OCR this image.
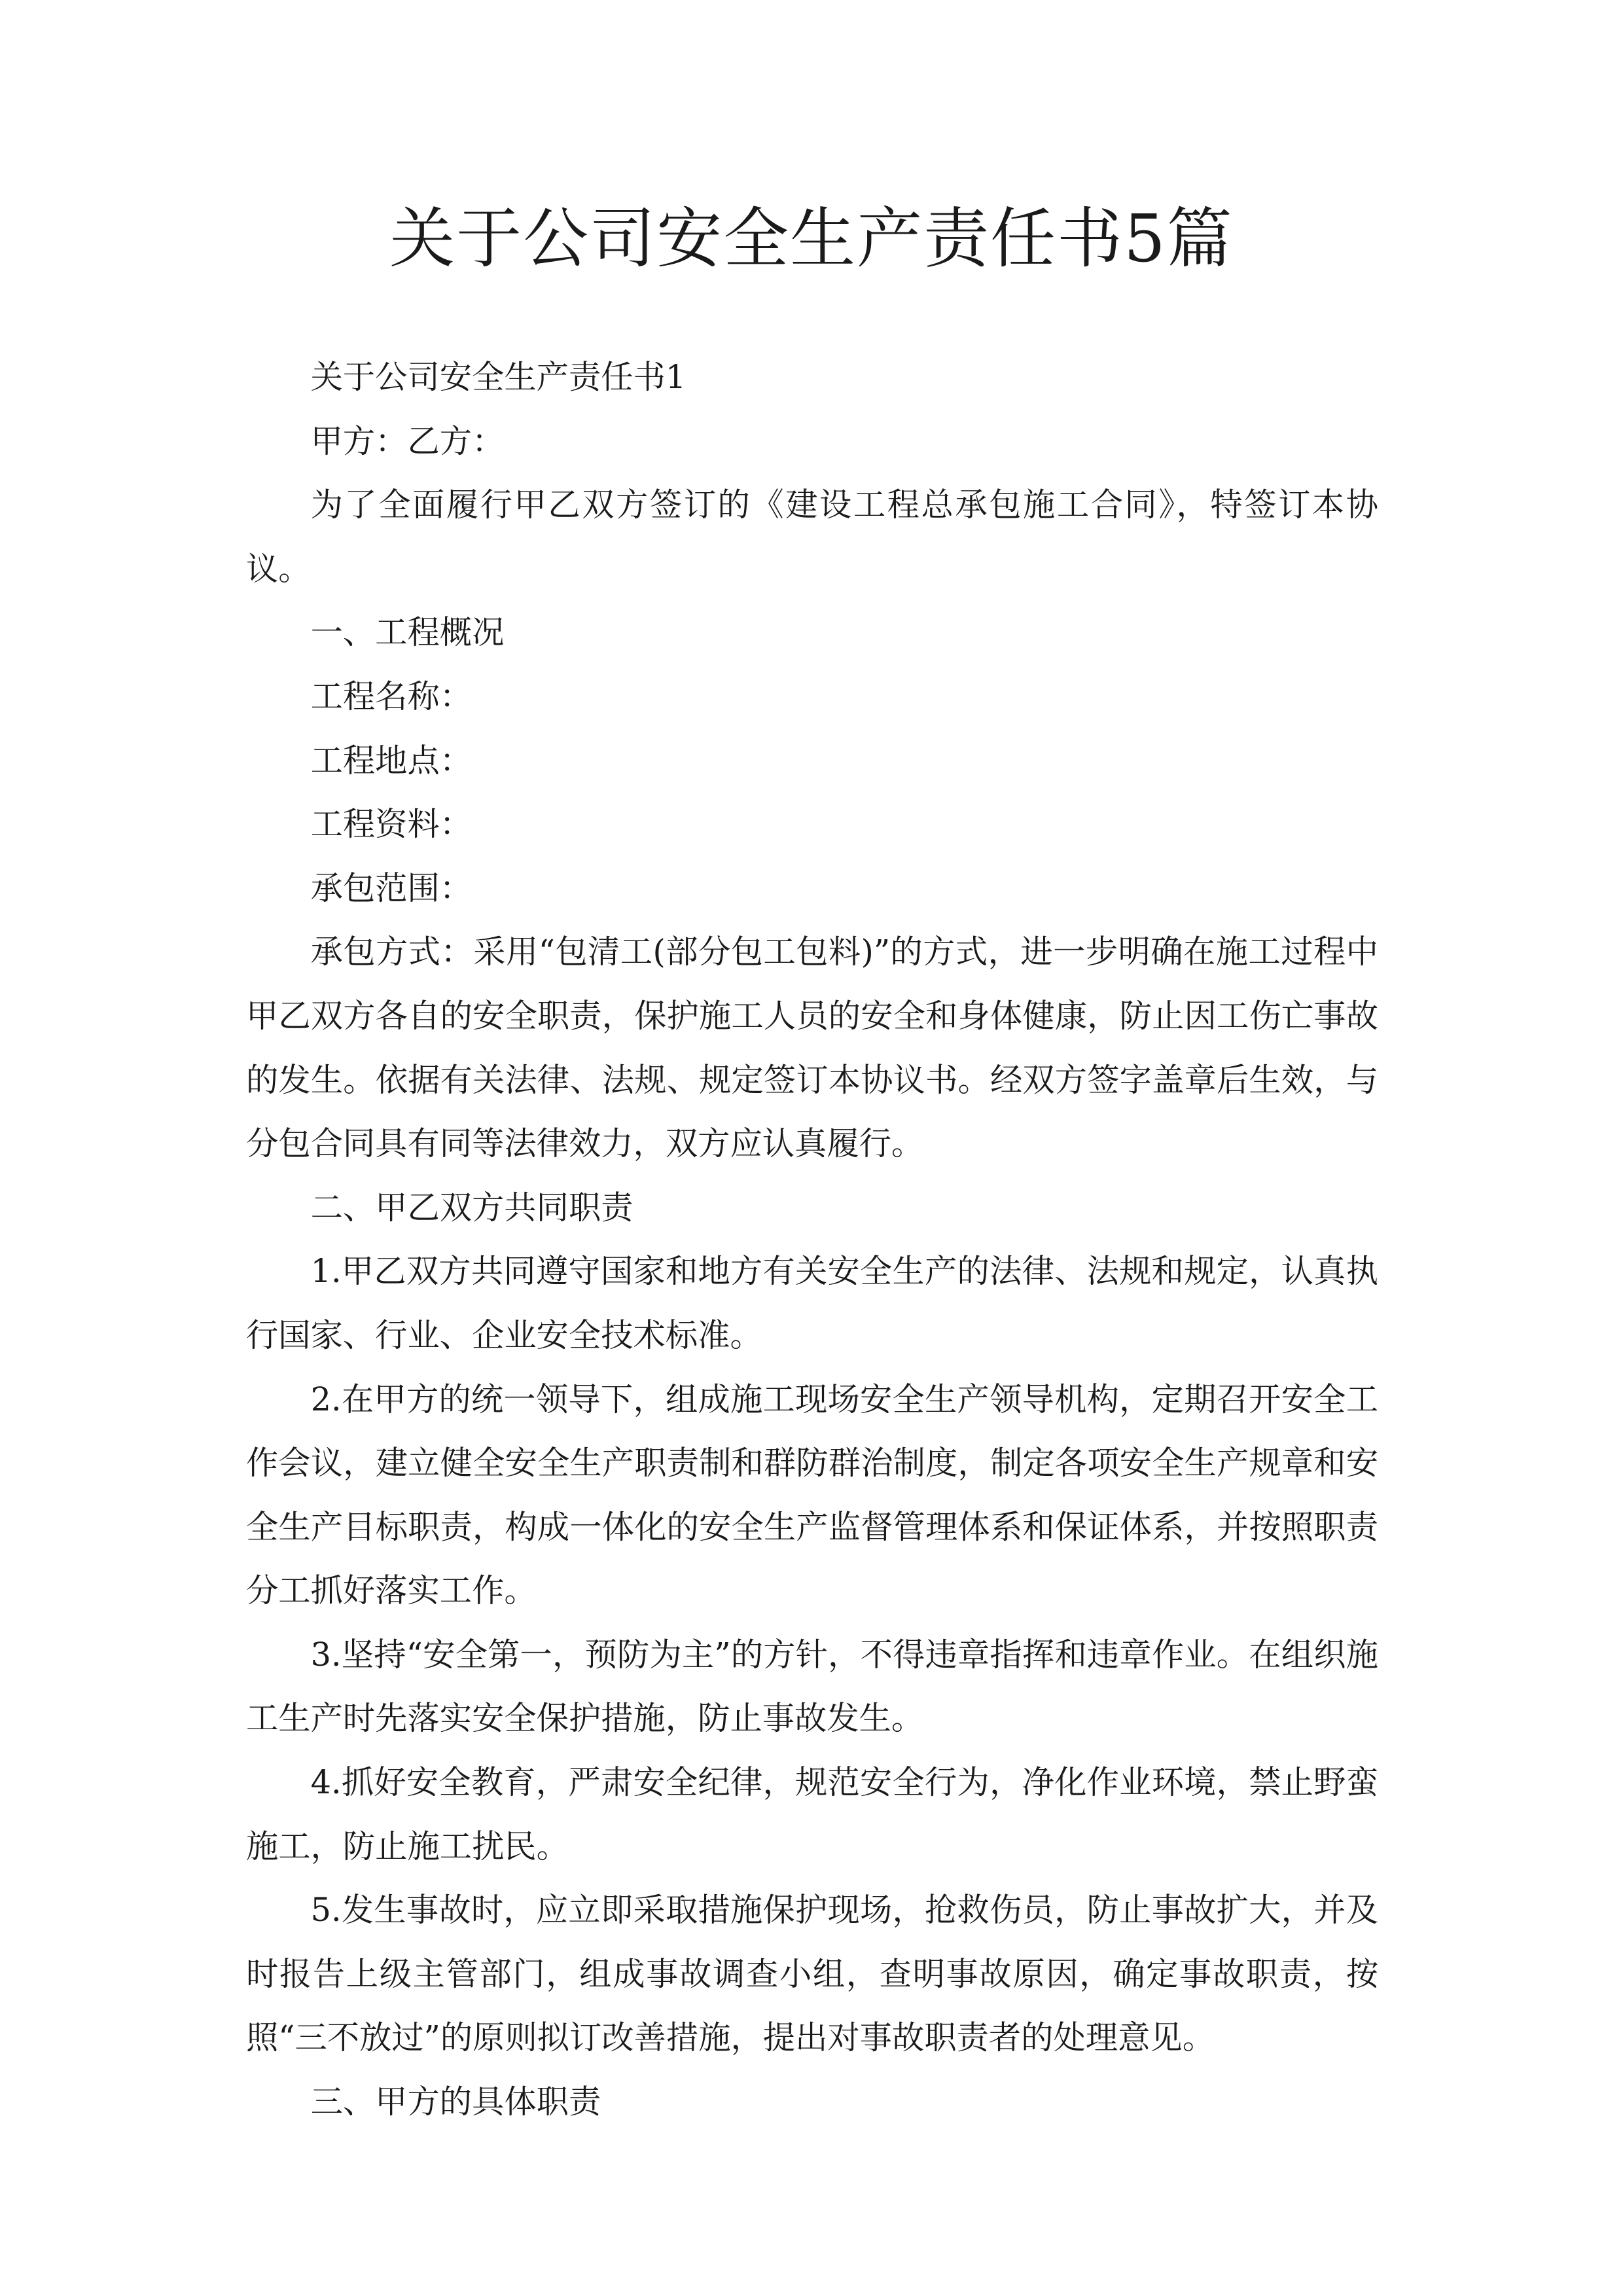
关于公司安全生产责任书5篇

关于公司安全生产责任书1

甲方：乙方：

为了全面履行甲乙双方签订的《建设工程总承包施工合同》，特签订本协议。

一、工程概况

工程名称：

工程地点：

工程资料：

承包范围：

承包方式：采用“包清工(部分包工包料)”的方式，进一步明确在施工过程中甲乙双方各自的安全职责，保护施工人员的安全和身体健康，防止因工伤亡事故的发生。依据有关法律、法规、规定签订本协议书。经双方签字盖章后生效，与分包合同具有同等法律效力，双方应认真履行。

二、甲乙双方共同职责

1.甲乙双方共同遵守国家和地方有关安全生产的法律、法规和规定，认真执行国家、行业、企业安全技术标准。

2.在甲方的统一领导下，组成施工现场安全生产领导机构，定期召开安全工作会议，建立健全安全生产职责制和群防群治制度，制定各项安全生产规章和安全生产目标职责，构成一体化的安全生产监督管理体系和保证体系，并按照职责分工抓好落实工作。

3.坚持“安全第一，预防为主”的方针，不得违章指挥和违章作业。在组织施工生产时先落实安全保护措施，防止事故发生。

4.抓好安全教育，严肃安全纪律，规范安全行为，净化作业环境，禁止野蛮施工，防止施工扰民。

5.发生事故时，应立即采取措施保护现场，抢救伤员，防止事故扩大，并及时报告上级主管部门，组成事故调查小组，查明事故原因，确定事故职责，按照“三不放过”的原则拟订改善措施，提出对事故职责者的处理意见。

三、甲方的具体职责
